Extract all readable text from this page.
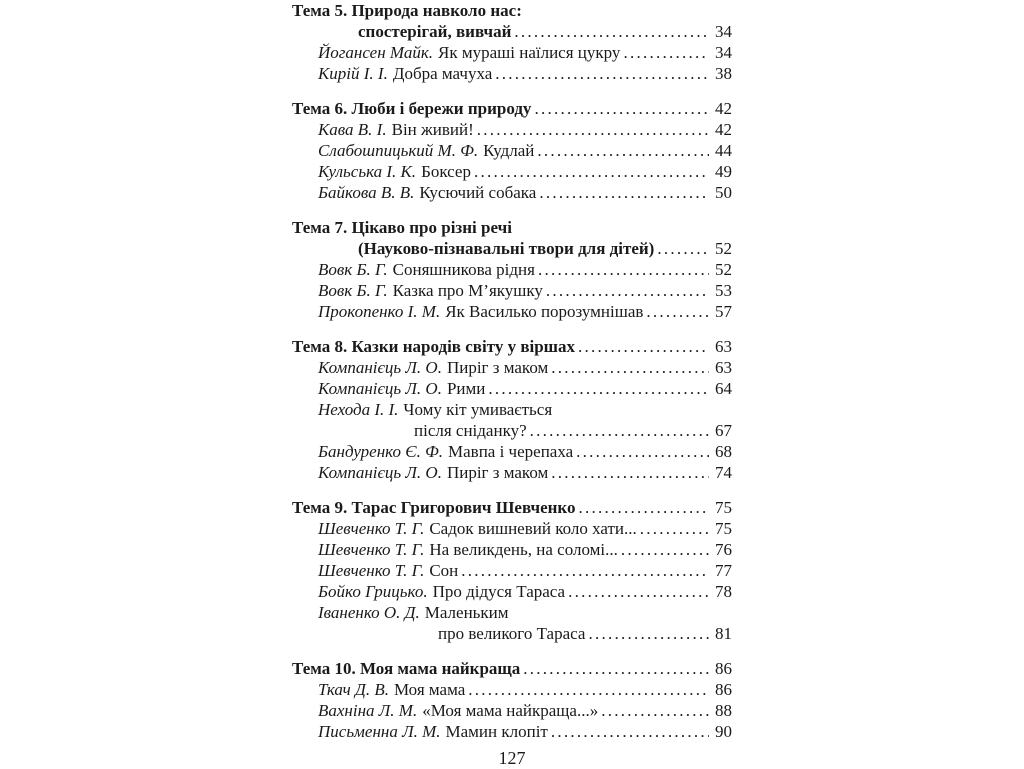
Тема 5. Природа навколо нас:
спостерігай, вивчай . . .	34
Йогансен Майк. Як мураші наїлися цукру . . .	34
Кирій І. І. Добра мачуха . . .	38
Тема 6. Люби і бережи природу . . .	42
Кава В. І. Він живий! . . .	42
Слабошпицький М. Ф. Кудлай . . .	44
Кульська І. К. Боксер . . .	49
Байкова В. В. Кусючий собака . . .	50
Тема 7. Цікаво про різні речі
(Науково-пізнавальні твори для дітей) . . .	52
Вовк Б. Г. Соняшникова рідня . . .	52
Вовк Б. Г. Казка про М’якушку . . .	53
Прокопенко І. М. Як Василько порозумнішав . . .	57
Тема 8. Казки народів світу у віршах . . .	63
Компанієць Л. О. Пиріг з маком . . .	63
Компанієць Л. О. Рими . . .	64
Нехода І. І. Чому кіт умивається
після сніданку? . . .	67
Бандуренко Є. Ф. Мавпа і черепаха . . .	68
Компанієць Л. О. Пиріг з маком . . .	74
Тема 9. Тарас Григорович Шевченко . . .	75
Шевченко Т. Г. Садок вишневий коло хати... . . .	75
Шевченко Т. Г. На великдень, на соломі... . . .	76
Шевченко Т. Г. Сон . . .	77
Бойко Грицько. Про дідуся Тараса . . .	78
Іваненко О. Д. Маленьким
про великого Тараса . . .	81
Тема 10. Моя мама найкраща . . .	86
Ткач Д. В. Моя мама . . .	86
Вахніна Л. М. «Моя мама найкраща...» . . .	88
Письменна Л. М. Мамин клопіт . . .	90
127
